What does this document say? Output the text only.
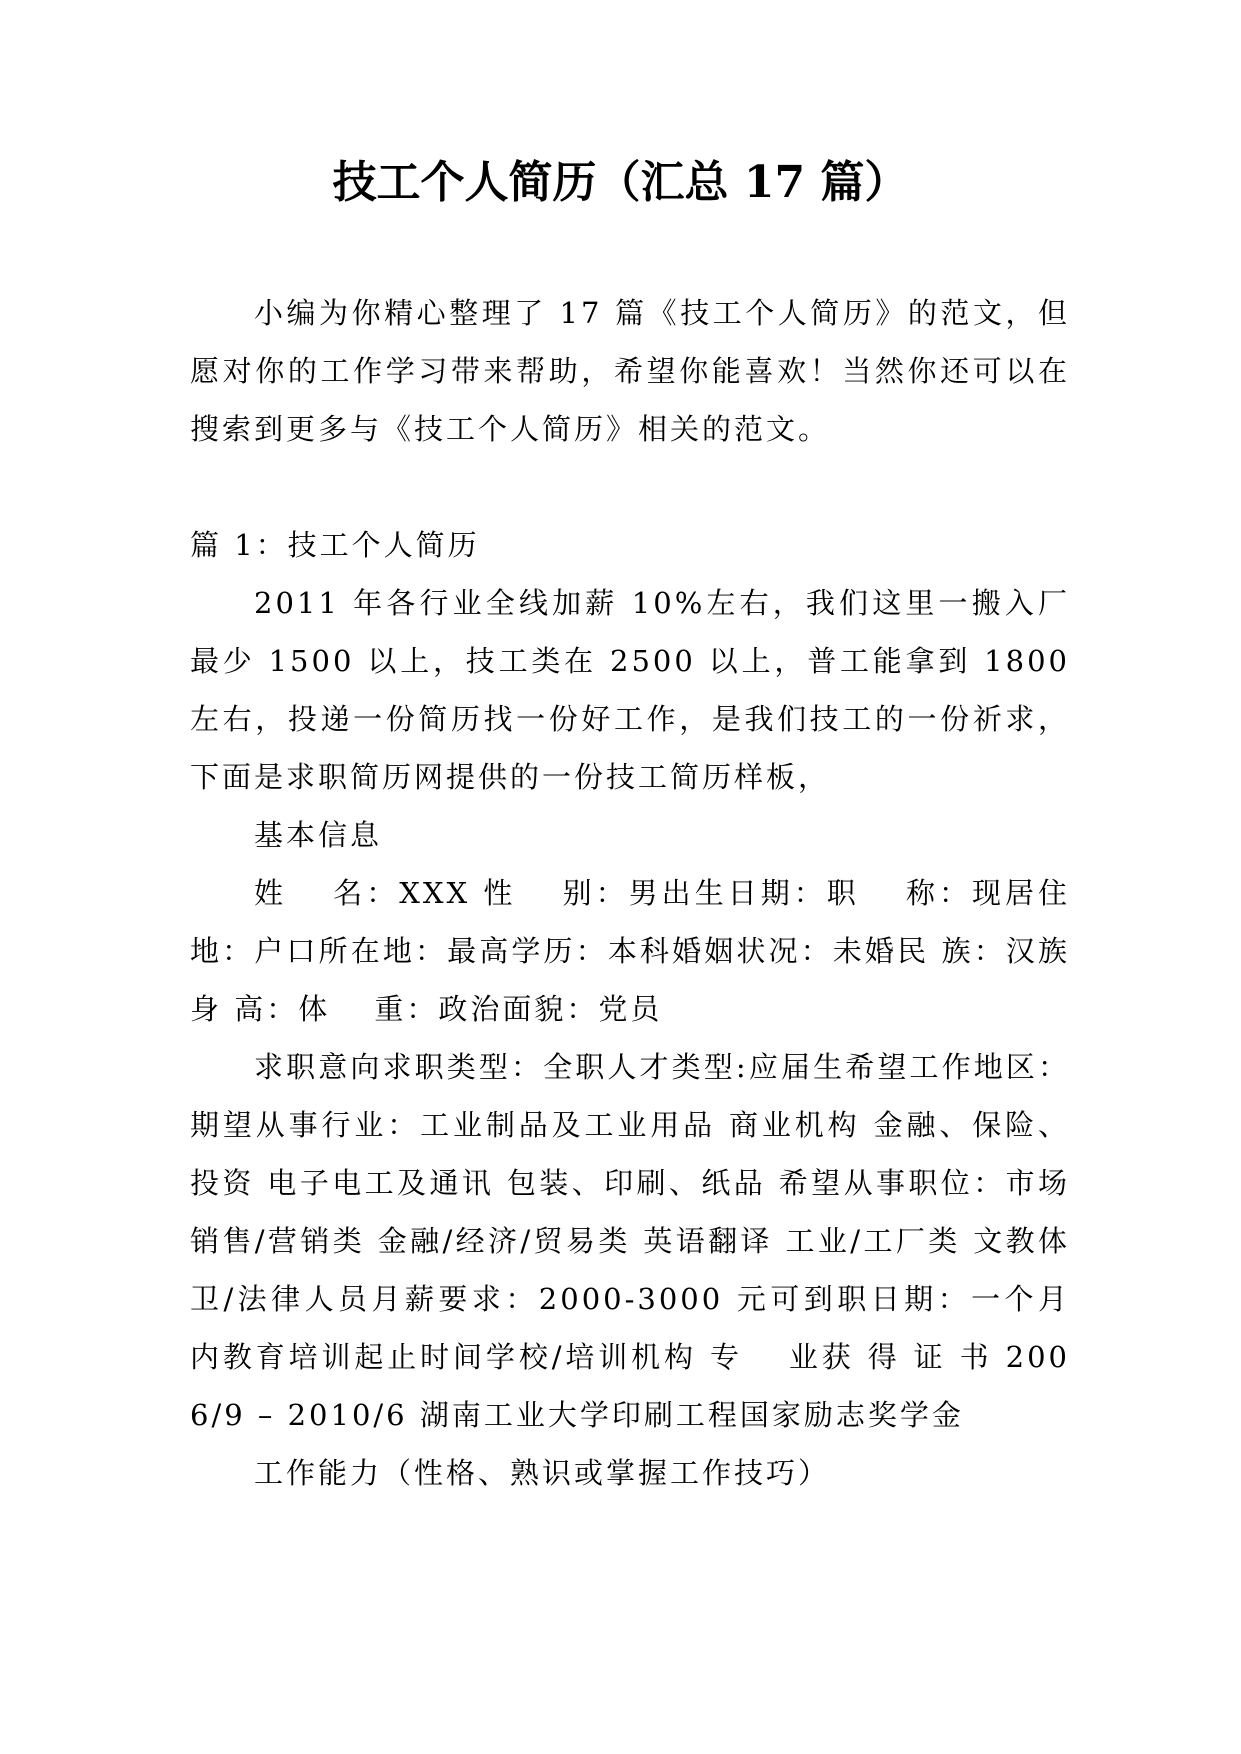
技工个人简历（汇总 17 篇）

小编为你精心整理了 17 篇《技工个人简历》的范文，但愿对你的工作学习带来帮助，希望你能喜欢！当然你还可以在搜索到更多与《技工个人简历》相关的范文。

篇 1：技工个人简历

2011 年各行业全线加薪 10%左右，我们这里一搬入厂最少 1500 以上，技工类在 2500 以上，普工能拿到 1800 左右，投递一份简历找一份好工作，是我们技工的一份祈求，下面是求职简历网提供的一份技工简历样板，

基本信息

姓　 名：XXX 性　 别：男出生日期：职　 称：现居住地：户口所在地：最高学历：本科婚姻状况：未婚民 族：汉族身 高：体　 重：政治面貌：党员

求职意向求职类型：全职人才类型:应届生希望工作地区：期望从事行业：工业制品及工业用品 商业机构 金融、保险、投资 电子电工及通讯 包装、印刷、纸品 希望从事职位：市场销售/营销类 金融/经济/贸易类 英语翻译 工业/工厂类 文教体卫/法律人员月薪要求：2000-3000 元可到职日期：一个月内教育培训起止时间学校/培训机构 专　 业获 得 证 书 2006/9 – 2010/6 湖南工业大学印刷工程国家励志奖学金

工作能力（性格、熟识或掌握工作技巧）
